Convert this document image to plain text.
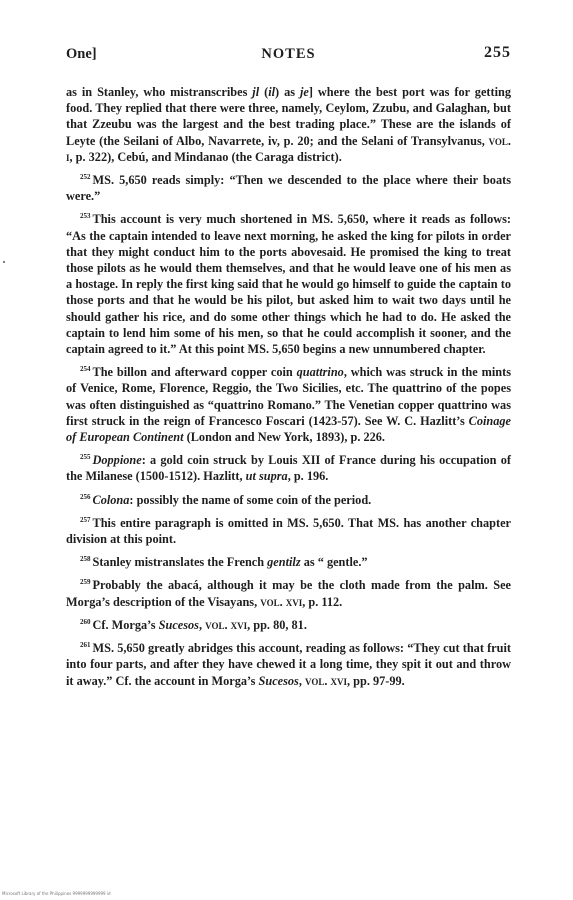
One]	NOTES	255

as in Stanley, who mistranscribes jl (il) as je] where the best port was for getting food. They replied that there were three, namely, Ceylom, Zzubu, and Galaghan, but that Zzeubu was the largest and the best trading place.” These are the islands of Leyte (the Seilani of Albo, Navarrete, iv, p. 20; and the Selani of Transylvanus, vol. i, p. 322), Cebú, and Mindanao (the Caraga district).

$^{252}$ MS. 5,650 reads simply: “Then we descended to the place where their boats were.”

$^{253}$ This account is very much shortened in MS. 5,650, where it reads as follows: “As the captain intended to leave next morning, he asked the king for pilots in order that they might conduct him to the ports abovesaid. He promised the king to treat those pilots as he would them themselves, and that he would leave one of his men as a hostage. In reply the first king said that he would go himself to guide the captain to those ports and that he would be his pilot, but asked him to wait two days until he should gather his rice, and do some other things which he had to do. He asked the captain to lend him some of his men, so that he could accomplish it sooner, and the captain agreed to it.” At this point MS. 5,650 begins a new unnumbered chapter.

$^{254}$ The billon and afterward copper coin quattrino, which was struck in the mints of Venice, Rome, Florence, Reggio, the Two Sicilies, etc. The quattrino of the popes was often distinguished as “quattrino Romano.” The Venetian copper quattrino was first struck in the reign of Francesco Foscari (1423-57). See W. C. Hazlitt’s Coinage of European Continent (London and New York, 1893), p. 226.

$^{255}$ Doppione: a gold coin struck by Louis XII of France during his occupation of the Milanese (1500-1512). Hazlitt, ut supra, p. 196.

$^{256}$ Colona: possibly the name of some coin of the period.

$^{257}$ This entire paragraph is omitted in MS. 5,650. That MS. has another chapter division at this point.

$^{258}$ Stanley mistranslates the French gentilz as “ gentle.”

$^{259}$ Probably the abacá, although it may be the cloth made from the palm. See Morga’s description of the Visayans, vol. xvi, p. 112.

$^{260}$ Cf. Morga’s Sucesos, vol. xvi, pp. 80, 81.

$^{261}$ MS. 5,650 greatly abridges this account, reading as follows: “They cut that fruit into four parts, and after they have chewed it a long time, they spit it out and throw it away.” Cf. the account in Morga’s Sucesos, vol. xvi, pp. 97-99.

Microsoft Library of the Philippines 9999999999999 id
